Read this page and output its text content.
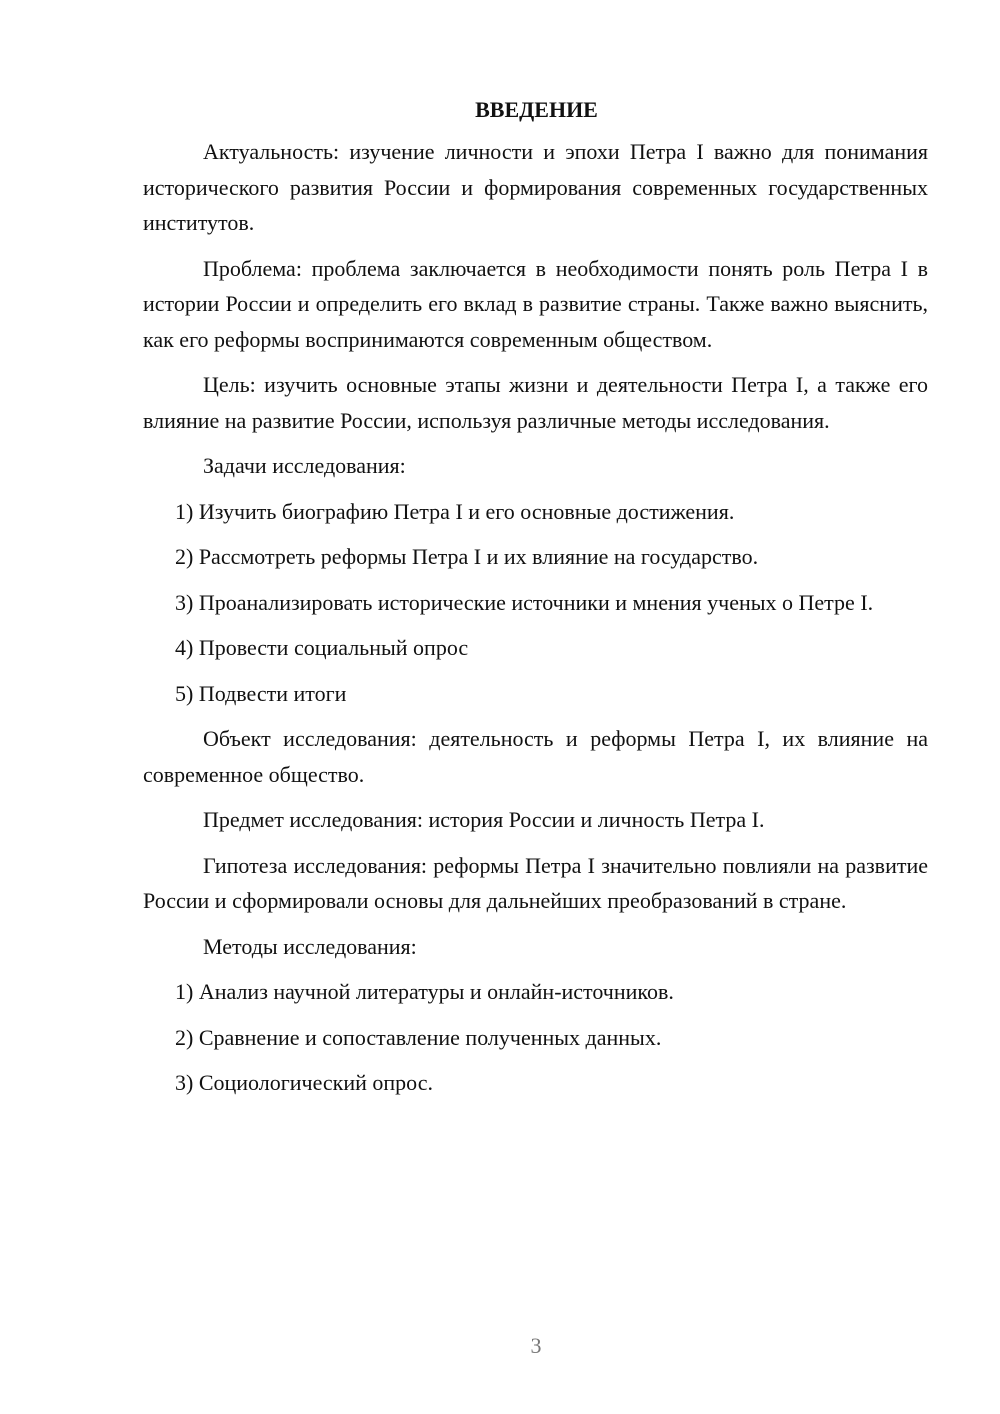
ВВЕДЕНИЕ

Актуальность: изучение личности и эпохи Петра I важно для понимания исторического развития России и формирования современных государственных институтов.

Проблема: проблема заключается в необходимости понять роль Петра I в истории России и определить его вклад в развитие страны. Также важно выяснить, как его реформы воспринимаются современным обществом.

Цель: изучить основные этапы жизни и деятельности Петра I, а также его влияние на развитие России, используя различные методы исследования.

Задачи исследования:

1) Изучить биографию Петра I и его основные достижения.

2) Рассмотреть реформы Петра I и их влияние на государство.

3) Проанализировать исторические источники и мнения ученых о Петре I.

4) Провести социальный опрос

5) Подвести итоги

Объект исследования: деятельность и реформы Петра I, их влияние на современное общество.

Предмет исследования: история России и личность Петра I.

Гипотеза исследования: реформы Петра I значительно повлияли на развитие России и сформировали основы для дальнейших преобразований в стране.

Методы исследования:

1) Анализ научной литературы и онлайн-источников.

2) Сравнение и сопоставление полученных данных.

3) Социологический опрос.

3
